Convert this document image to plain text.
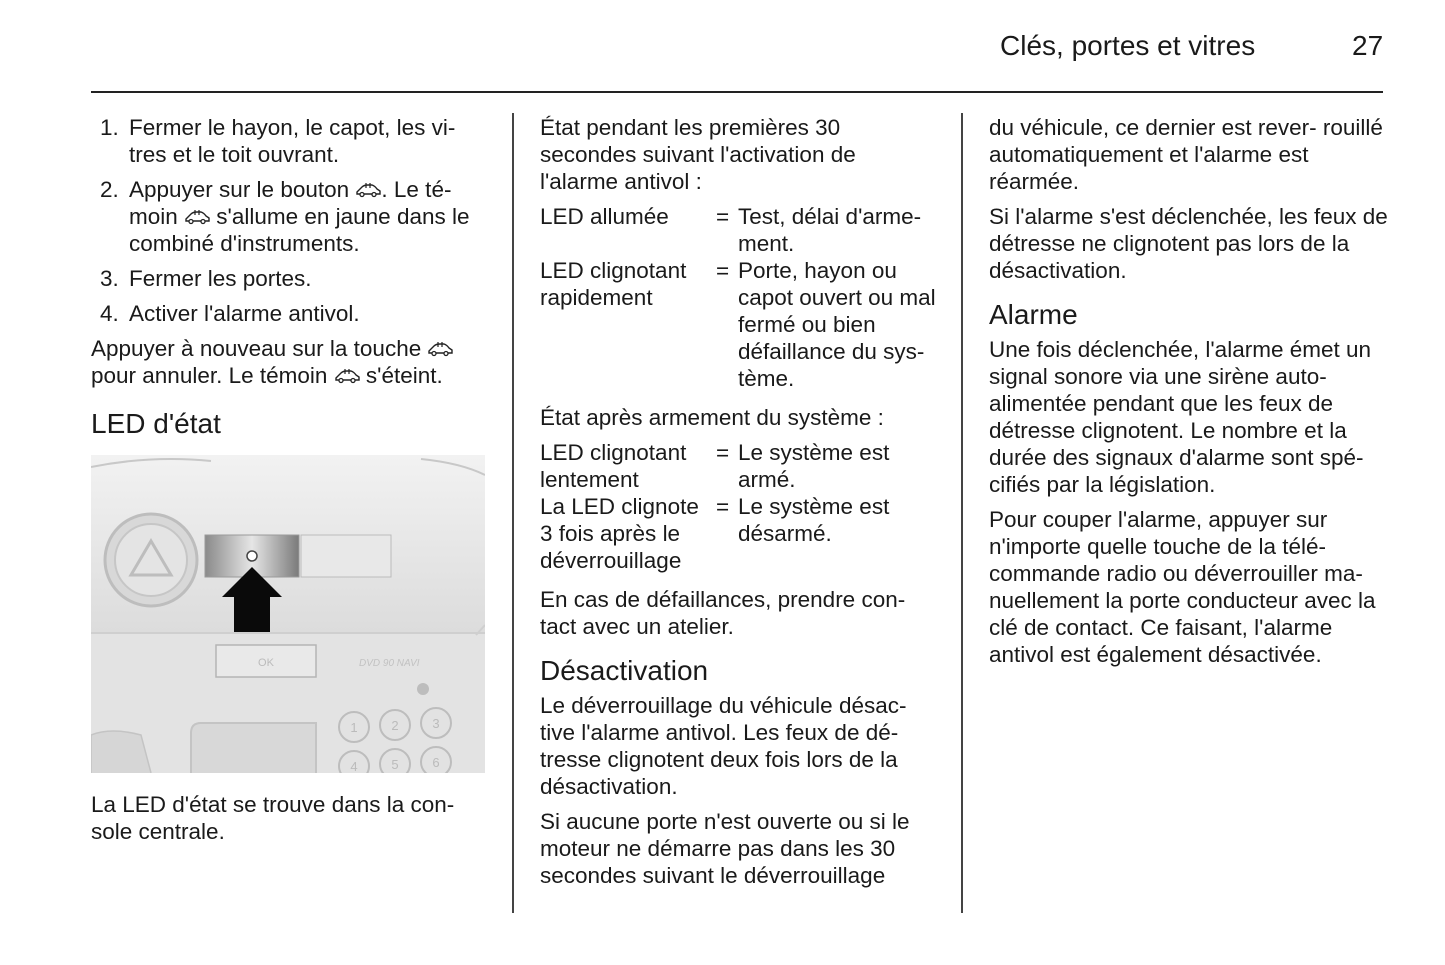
Clés, portes et vitres	27
1. Fermer le hayon, le capot, les vi‐ tres et le toit ouvrant.
2. Appuyer sur le bouton . Le té‐ moin  s'allume en jaune dans le combiné d'instruments.
3. Fermer les portes.
4. Activer l'alarme antivol.

Appuyer à nouveau sur la touche  pour annuler. Le témoin  s'éteint.

LED d'état
OK	DVD 90 NAVI
1	2	3
4	5	6

La LED d'état se trouve dans la con‐ sole centrale.

État pendant les premières 30 secondes suivant l'activation de l'alarme antivol :

LED allumée	=	Test, délai d'arme‐ ment.
LED clignotant rapidement	=	Porte, hayon ou capot ouvert ou mal fermé ou bien défaillance du sys‐ tème.

État après armement du système :

LED clignotant lentement	=	Le système est armé.
La LED clignote 3 fois après le déverrouillage	=	Le système est désarmé.

En cas de défaillances, prendre con‐ tact avec un atelier.

Désactivation

Le déverrouillage du véhicule désac‐ tive l'alarme antivol. Les feux de dé‐ tresse clignotent deux fois lors de la désactivation.

Si aucune porte n'est ouverte ou si le moteur ne démarre pas dans les 30 secondes suivant le déverrouillage

du véhicule, ce dernier est rever‐ rouillé automatiquement et l'alarme est réarmée.

Si l'alarme s'est déclenchée, les feux de détresse ne clignotent pas lors de la désactivation.

Alarme

Une fois déclenchée, l'alarme émet un signal sonore via une sirène auto‐ alimentée pendant que les feux de détresse clignotent. Le nombre et la durée des signaux d'alarme sont spé‐ cifiés par la législation.

Pour couper l'alarme, appuyer sur n'importe quelle touche de la télé‐ commande radio ou déverrouiller ma‐ nuellement la porte conducteur avec la clé de contact. Ce faisant, l'alarme antivol est également désactivée.
